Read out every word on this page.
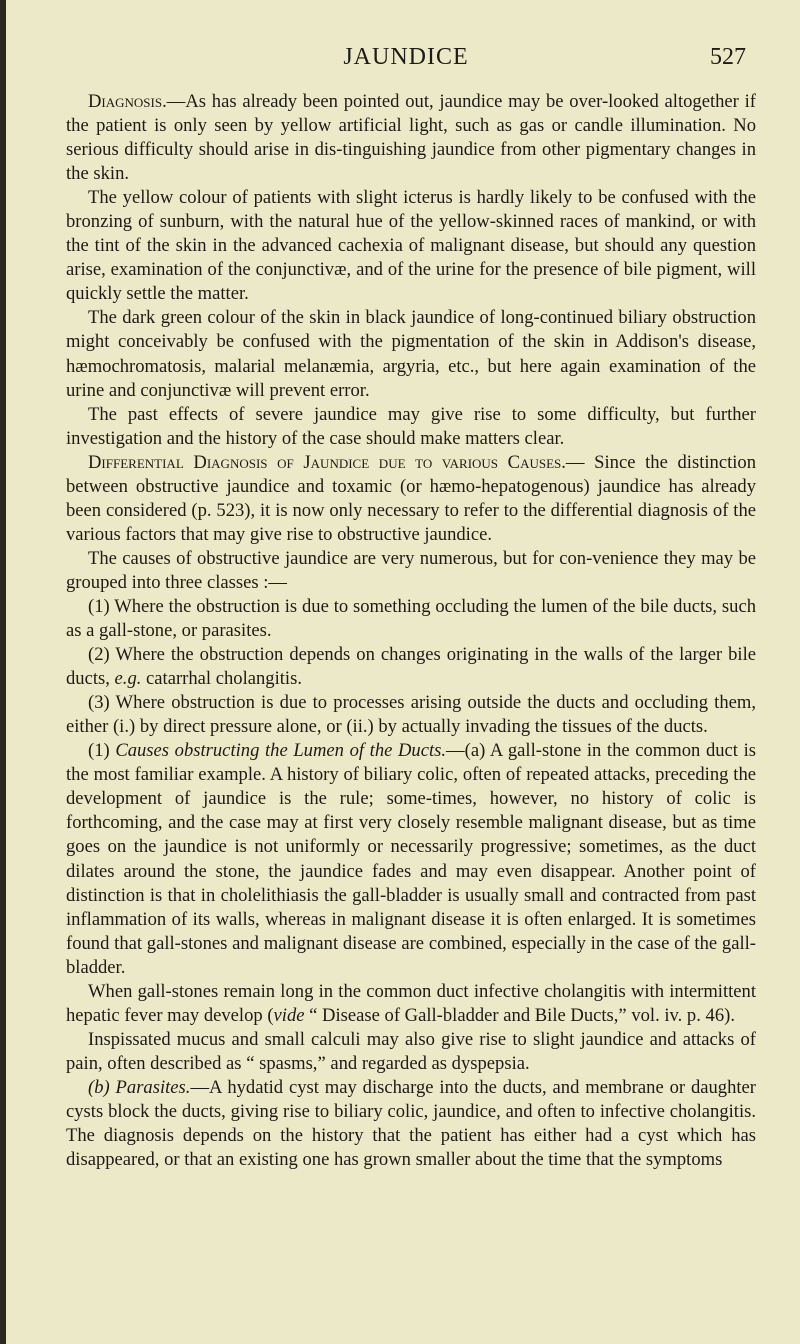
JAUNDICE	527

Diagnosis.—As has already been pointed out, jaundice may be over-looked altogether if the patient is only seen by yellow artificial light, such as gas or candle illumination. No serious difficulty should arise in dis-tinguishing jaundice from other pigmentary changes in the skin.

The yellow colour of patients with slight icterus is hardly likely to be confused with the bronzing of sunburn, with the natural hue of the yellow-skinned races of mankind, or with the tint of the skin in the advanced cachexia of malignant disease, but should any question arise, examination of the conjunctivæ, and of the urine for the presence of bile pigment, will quickly settle the matter.

The dark green colour of the skin in black jaundice of long-continued biliary obstruction might conceivably be confused with the pigmentation of the skin in Addison's disease, hæmochromatosis, malarial melanæmia, argyria, etc., but here again examination of the urine and conjunctivæ will prevent error.

The past effects of severe jaundice may give rise to some difficulty, but further investigation and the history of the case should make matters clear.

Differential Diagnosis of Jaundice due to various Causes.— Since the distinction between obstructive jaundice and toxamic (or hæmo-hepatogenous) jaundice has already been considered (p. 523), it is now only necessary to refer to the differential diagnosis of the various factors that may give rise to obstructive jaundice.

The causes of obstructive jaundice are very numerous, but for con-venience they may be grouped into three classes :—

(1) Where the obstruction is due to something occluding the lumen of the bile ducts, such as a gall-stone, or parasites.

(2) Where the obstruction depends on changes originating in the walls of the larger bile ducts, e.g. catarrhal cholangitis.

(3) Where obstruction is due to processes arising outside the ducts and occluding them, either (i.) by direct pressure alone, or (ii.) by actually invading the tissues of the ducts.

(1) Causes obstructing the Lumen of the Ducts.—(a) A gall-stone in the common duct is the most familiar example. A history of biliary colic, often of repeated attacks, preceding the development of jaundice is the rule; some-times, however, no history of colic is forthcoming, and the case may at first very closely resemble malignant disease, but as time goes on the jaundice is not uniformly or necessarily progressive; sometimes, as the duct dilates around the stone, the jaundice fades and may even disappear. Another point of distinction is that in cholelithiasis the gall-bladder is usually small and contracted from past inflammation of its walls, whereas in malignant disease it is often enlarged. It is sometimes found that gall-stones and malignant disease are combined, especially in the case of the gall-bladder.

When gall-stones remain long in the common duct infective cholangitis with intermittent hepatic fever may develop (vide “ Disease of Gall-bladder and Bile Ducts,” vol. iv. p. 46).

Inspissated mucus and small calculi may also give rise to slight jaundice and attacks of pain, often described as “ spasms,” and regarded as dyspepsia.

(b) Parasites.—A hydatid cyst may discharge into the ducts, and membrane or daughter cysts block the ducts, giving rise to biliary colic, jaundice, and often to infective cholangitis. The diagnosis depends on the history that the patient has either had a cyst which has disappeared, or that an existing one has grown smaller about the time that the symptoms
